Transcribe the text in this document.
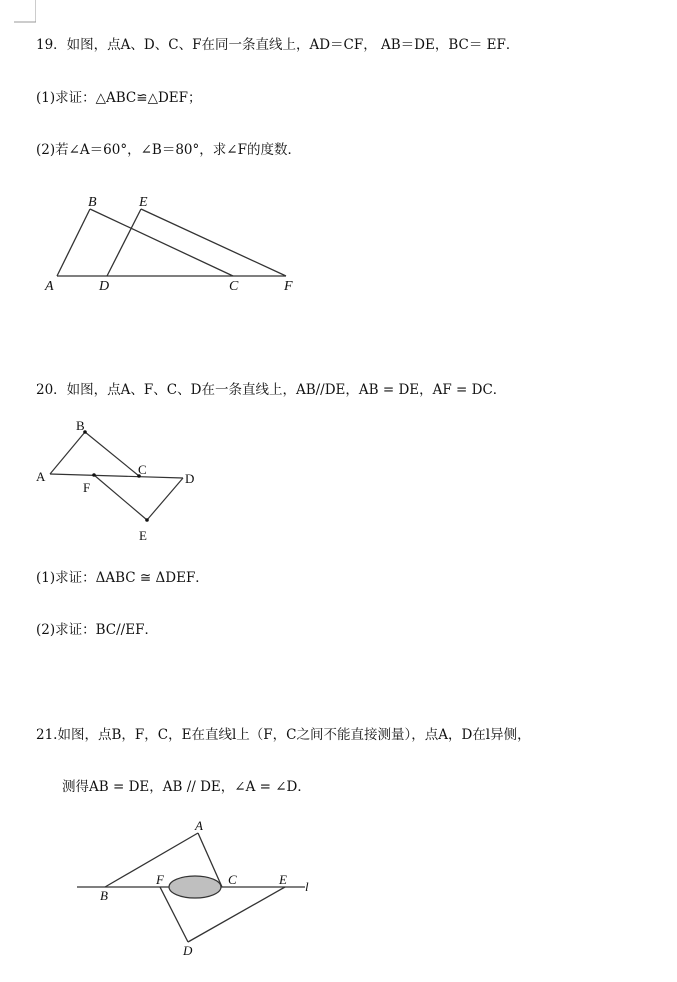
19．如图，点A、D、C、F在同一条直线上，AD＝CF， AB＝DE，BC＝ EF．
(1)求证：△ABC≌△DEF；
(2)若∠A＝60°，∠B＝80°，求∠F的度数．
B	E
A	D	C	F
B
A	C
D
F
E
A
B
F	C	E l
D
20．如图，点A、F、C、D在一条直线上，AB//DE，AB = DE，AF = DC．
(1)求证：ΔABC ≅ ΔDEF．
(2)求证：BC//EF．
21.如图，点B，F，C，E在直线l上（F，C之间不能直接测量），点A，D在l异侧，
测得AB = DE，AB // DE，∠A = ∠D．
